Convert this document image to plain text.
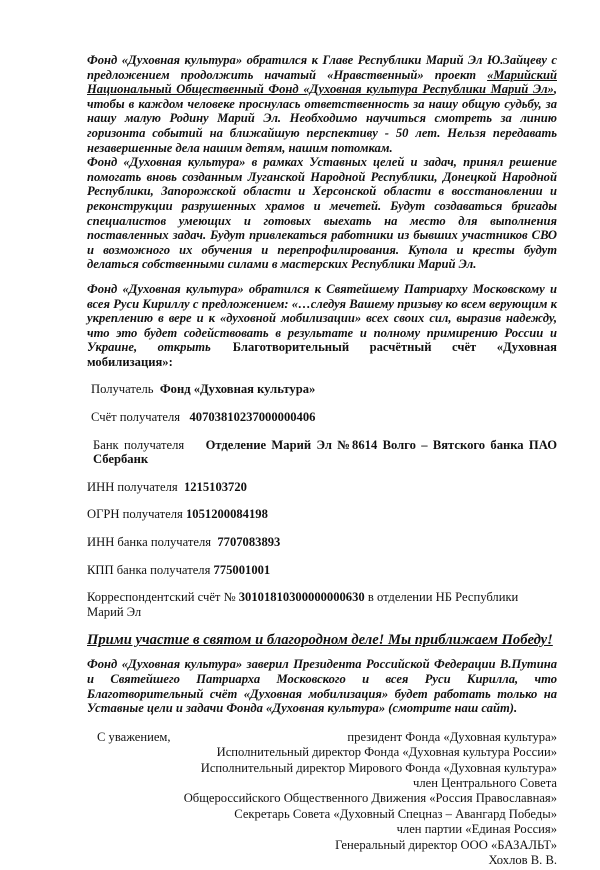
Фонд «Духовная культура» обратился к Главе Республики Марий Эл Ю.Зайцеву с предложением продолжить начатый «Нравственный» проект «Марийский Национальный Общественный Фонд «Духовная культура Республики Марий Эл», чтобы в каждом человеке проснулась ответственность за нашу общую судьбу, за нашу малую Родину Марий Эл. Необходимо научиться смотреть за линию горизонта событий на ближайшую перспективу - 50 лет. Нельзя передавать незавершенные дела нашим детям, нашим потомкам.

Фонд «Духовная культура» в рамках Уставных целей и задач, принял решение помогать вновь созданным Луганской Народной Республики, Донецкой Народной Республики, Запорожской области и Херсонской области в восстановлении и реконструкции разрушенных храмов и мечетей. Будут создаваться бригады специалистов умеющих и готовых выехать на место для выполнения поставленных задач. Будут привлекаться работники из бывших участников СВО и возможного их обучения и перепрофилирования. Купола и кресты будут делаться собственными силами в мастерских Республики Марий Эл.

Фонд «Духовная культура» обратился к Святейшему Патриарху Московскому и всея Руси Кириллу с предложением: «…следуя Вашему призыву ко всем верующим к укреплению в вере и к «духовной мобилизации» всех своих сил, выразив надежду, что это будет содействовать в результате и полному примирению России и Украине, открыть Благотворительный расчётный счёт «Духовная мобилизация»:

Получатель Фонд «Духовная культура»

Счёт получателя 40703810237000000406

Банк получателя Отделение Марий Эл №8614 Волго – Вятского банка ПАО Сбербанк

ИНН получателя 1215103720

ОГРН получателя 1051200084198

ИНН банка получателя 7707083893

КПП банка получателя 775001001

Корреспондентский счёт № 30101810300000000630 в отделении НБ Республики Марий Эл

Прими участие в святом и благородном деле! Мы приближаем Победу!

Фонд «Духовная культура» заверил Президента Российской Федерации В.Путина и Святейшего Патриарха Московского и всея Руси Кирилла, что Благотворительный счёт «Духовная мобилизация» будет работать только на Уставные цели и задачи Фонда «Духовная культура» (смотрите наш сайт).

С уважением,	президент Фонда «Духовная культура»
Исполнительный директор Фонда «Духовная культура России»
Исполнительный директор Мирового Фонда «Духовная культура»
член Центрального Совета
Общероссийского Общественного Движения «Россия Православная»
Секретарь Совета «Духовный Спецназ – Авангард Победы»
член партии «Единая Россия»
Генеральный директор ООО «БАЗАЛЬТ»
Хохлов В. В.
